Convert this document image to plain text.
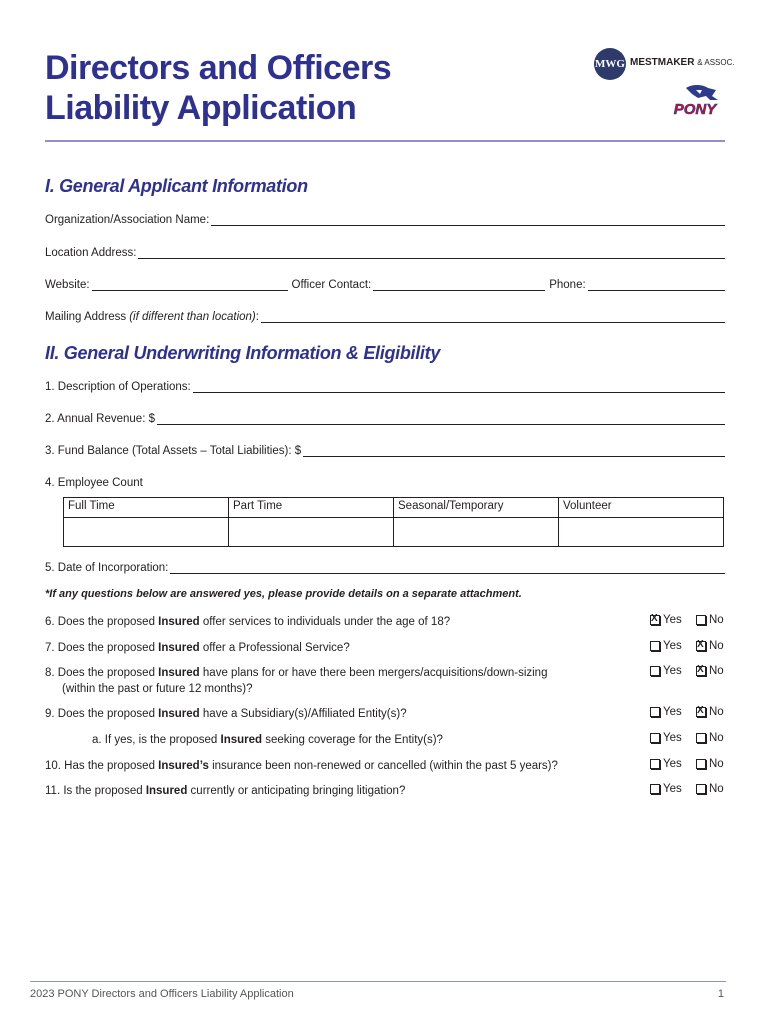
Directors and Officers
Liability Application
MWG MESTMAKER & ASSOC.
PONY
I. General Applicant Information
Organization/Association Name:
Location Address:
Website:	Officer Contact:	Phone:
Mailing Address (if different than location) :
II. General Underwriting Information & Eligibility
1. Description of Operations:
2. Annual Revenue: $
3. Fund Balance (Total Assets – Total Liabilities): $
4. Employee Count
Full Time	Part Time	Seasonal/Temporary	Volunteer

5. Date of Incorporation:
*If any questions below are answered yes, please provide details on a separate attachment.
6. Does the proposed Insured offer services to individuals under the age of 18? X	Yes No
7. Does the proposed Insured offer a Professional Service?	Yes X No
8. Does the proposed Insured have plans for or have there been mergers/acquisitions/down-sizing
(within the past or future 12 months)?
Yes X No
9. Does the proposed Insured have a Subsidiary(s)/Affiliated Entity(s)?	Yes X No
a. If yes, is the proposed Insured seeking coverage for the Entity(s)?	Yes No
10. Has the proposed Insured’s insurance been non-renewed or cancelled (within the past 5 years)?	Yes No
11. Is the proposed Insured currently or anticipating bringing litigation?	Yes No
2023 PONY Directors and Officers Liability Application	1
